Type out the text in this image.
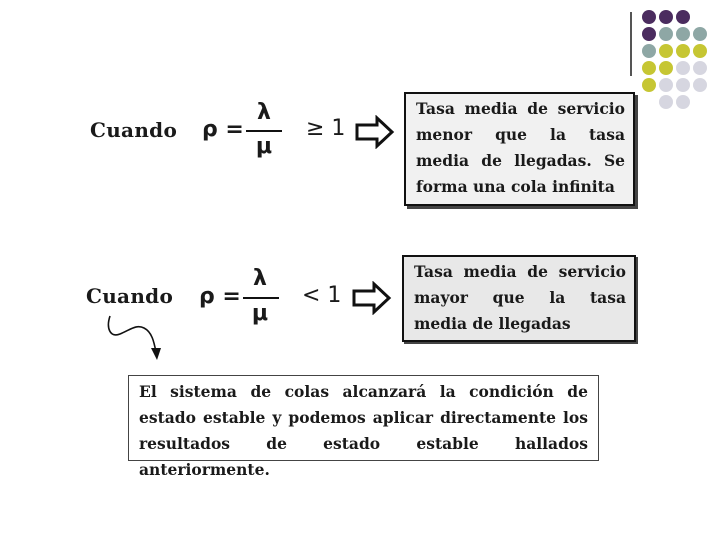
Cuando ρ =
λ
μ
≥ 1
Tasa media de servicio menor que la tasa media de llegadas. Se forma una cola infinita
Cuando ρ =
λ
μ
< 1
Tasa media de servicio mayor que la tasa media de llegadas
El sistema de colas alcanzará la condición de estado estable y podemos aplicar directamente los resultados de estado estable hallados anteriormente.
